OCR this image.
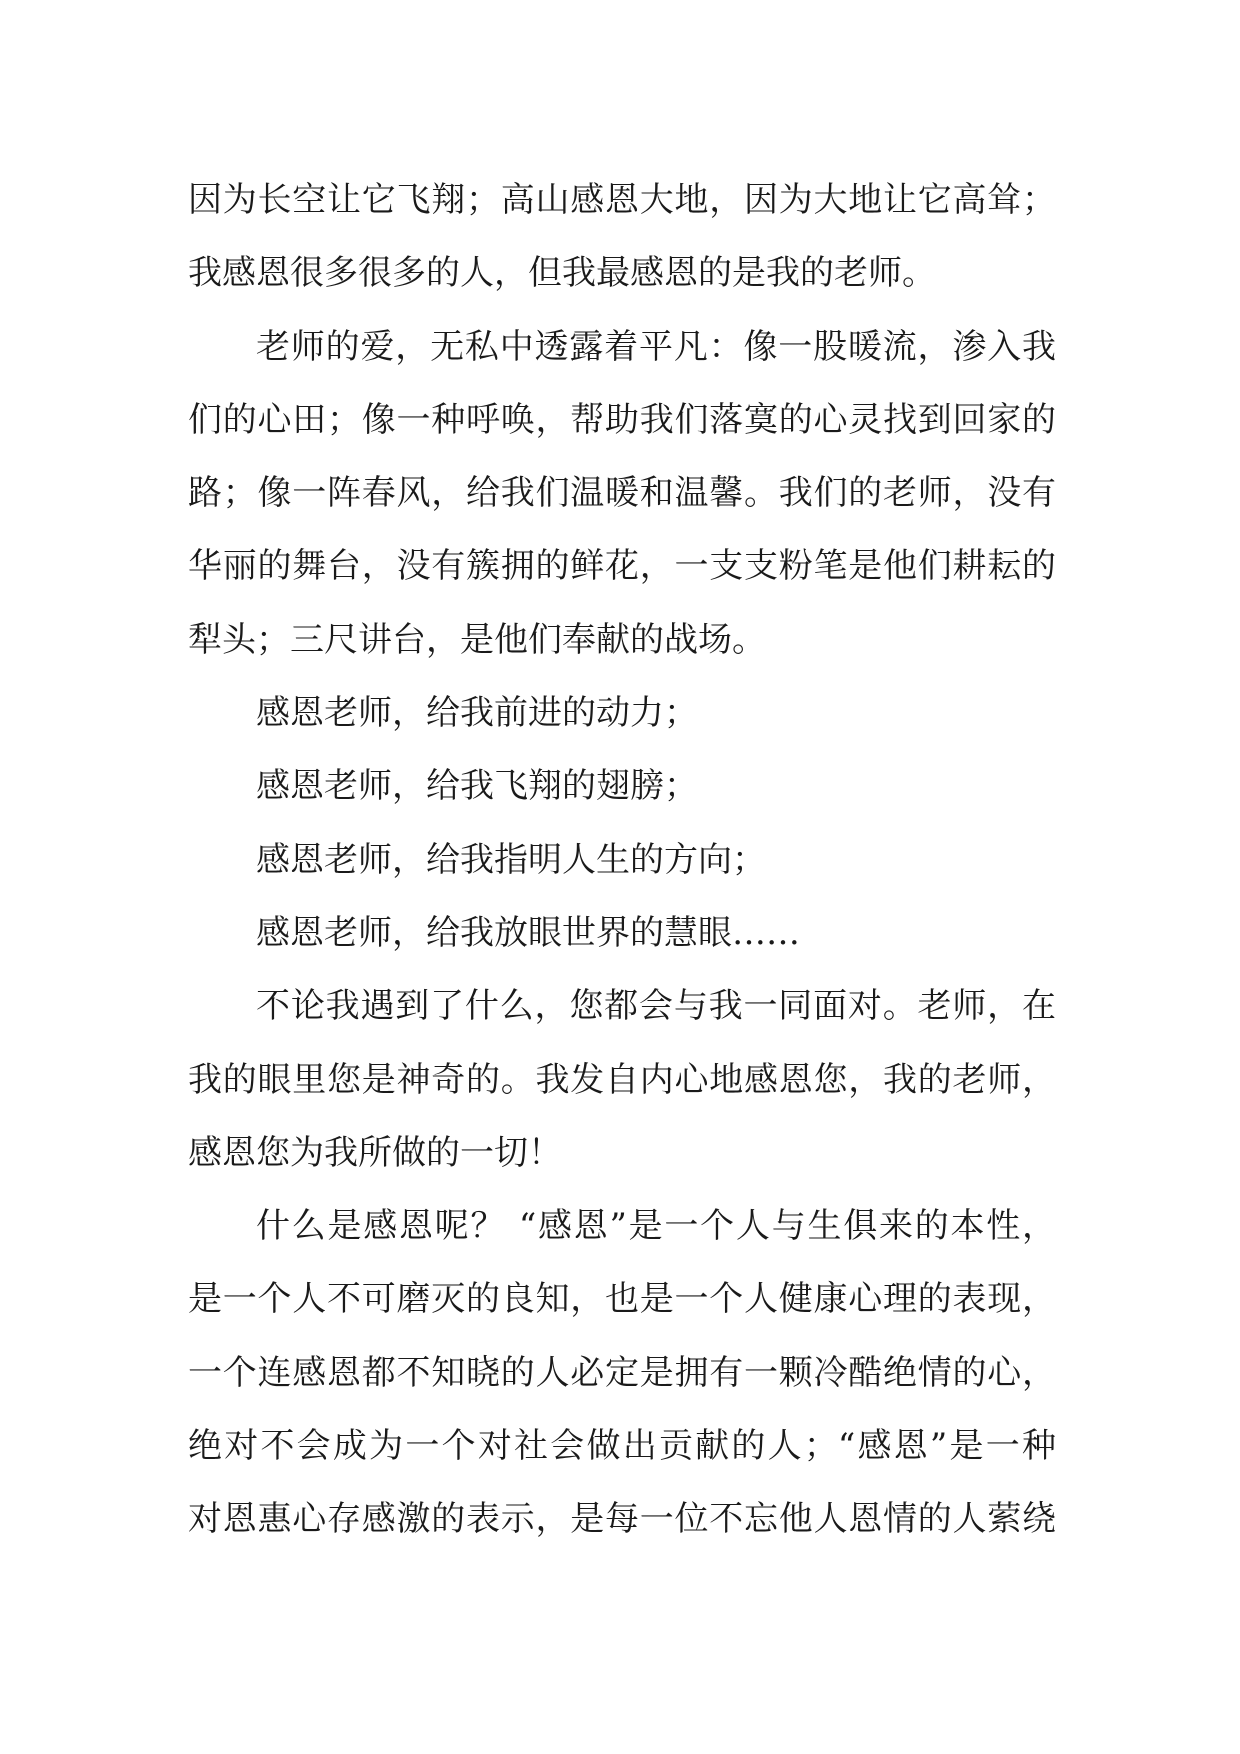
因为长空让它飞翔；高山感恩大地，因为大地让它高耸；
我感恩很多很多的人，但我最感恩的是我的老师。
老师的爱，无私中透露着平凡：像一股暖流，渗入我
们的心田；像一种呼唤，帮助我们落寞的心灵找到回家的
路；像一阵春风，给我们温暖和温馨。我们的老师，没有
华丽的舞台，没有簇拥的鲜花，一支支粉笔是他们耕耘的
犁头；三尺讲台，是他们奉献的战场。
感恩老师，给我前进的动力；
感恩老师，给我飞翔的翅膀；
感恩老师，给我指明人生的方向；
感恩老师，给我放眼世界的慧眼……
不论我遇到了什么，您都会与我一同面对。老师，在
我的眼里您是神奇的。我发自内心地感恩您，我的老师，
感恩您为我所做的一切！
什么是感恩呢？ “感恩”是一个人与生俱来的本性，
是一个人不可磨灭的良知，也是一个人健康心理的表现，
一个连感恩都不知晓的人必定是拥有一颗冷酷绝情的心，
绝对不会成为一个对社会做出贡献的人；“感恩”是一种
对恩惠心存感激的表示，是每一位不忘他人恩情的人萦绕
